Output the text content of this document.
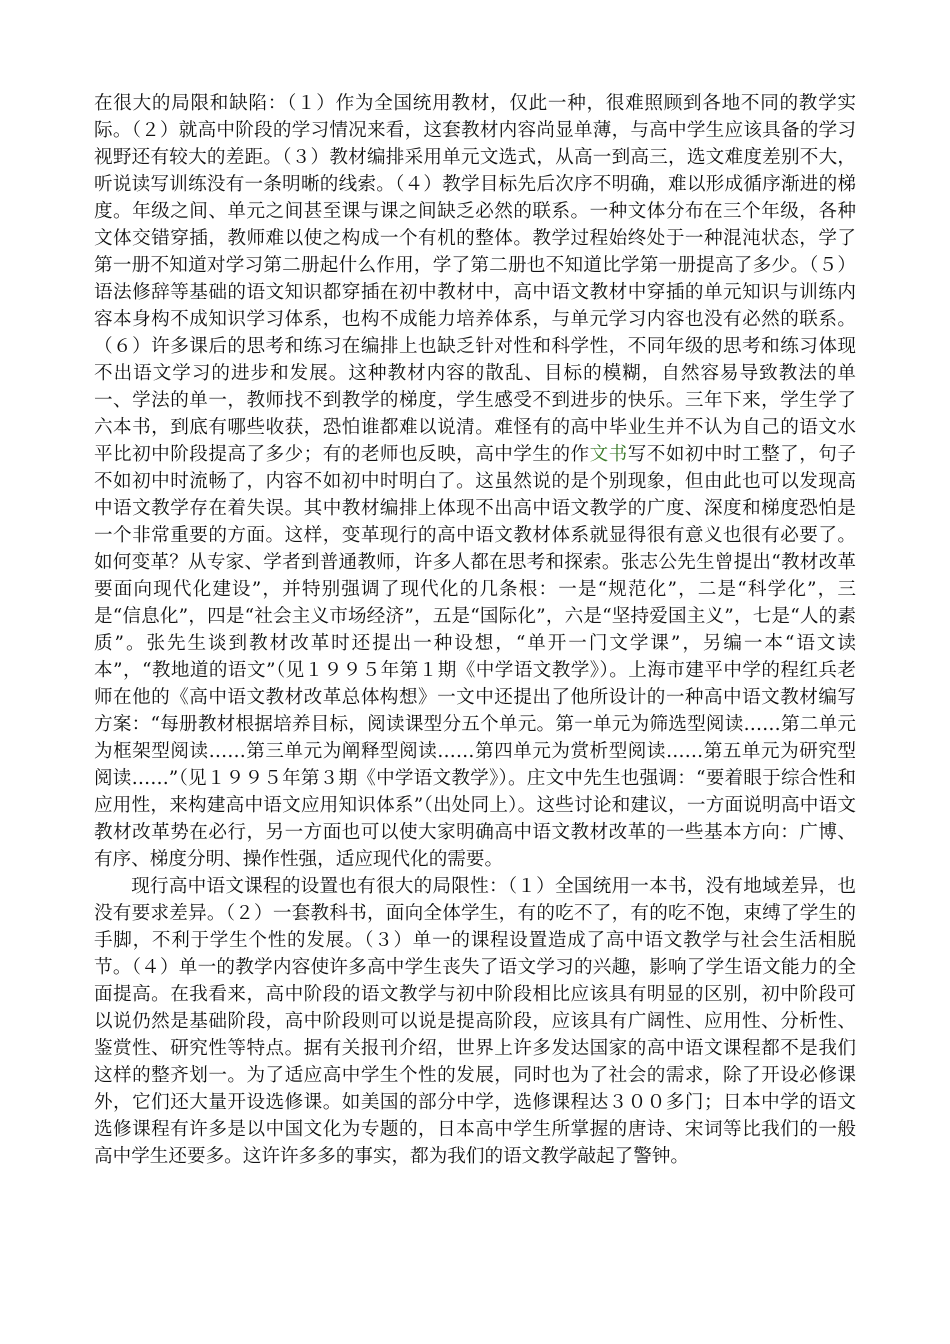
在很大的局限和缺陷：（１）作为全国统用教材，仅此一种，很难照顾到各地不同的教学实际。（２）就高中阶段的学习情况来看，这套教材内容尚显单薄，与高中学生应该具备的学习视野还有较大的差距。（３）教材编排采用单元文选式，从高一到高三，选文难度差别不大，听说读写训练没有一条明晰的线索。（４）教学目标先后次序不明确，难以形成循序渐进的梯度。年级之间、单元之间甚至课与课之间缺乏必然的联系。一种文体分布在三个年级，各种文体交错穿插，教师难以使之构成一个有机的整体。教学过程始终处于一种混沌状态，学了第一册不知道对学习第二册起什么作用，学了第二册也不知道比学第一册提高了多少。（５）语法修辞等基础的语文知识都穿插在初中教材中，高中语文教材中穿插的单元知识与训练内容本身构不成知识学习体系，也构不成能力培养体系，与单元学习内容也没有必然的联系。（６）许多课后的思考和练习在编排上也缺乏针对性和科学性，不同年级的思考和练习体现不出语文学习的进步和发展。这种教材内容的散乱、目标的模糊，自然容易导致教法的单一、学法的单一，教师找不到教学的梯度，学生感受不到进步的快乐。三年下来，学生学了六本书，到底有哪些收获，恐怕谁都难以说清。难怪有的高中毕业生并不认为自己的语文水平比初中阶段提高了多少；有的老师也反映，高中学生的作文书写不如初中时工整了，句子不如初中时流畅了，内容不如初中时明白了。这虽然说的是个别现象，但由此也可以发现高中语文教学存在着失误。其中教材编排上体现不出高中语文教学的广度、深度和梯度恐怕是一个非常重要的方面。这样，变革现行的高中语文教材体系就显得很有意义也很有必要了。如何变革？从专家、学者到普通教师，许多人都在思考和探索。张志公先生曾提出“教材改革要面向现代化建设”，并特别强调了现代化的几条根：一是“规范化”，二是“科学化”，三是“信息化”，四是“社会主义市场经济”，五是“国际化”，六是“坚持爱国主义”，七是“人的素质”。张先生谈到教材改革时还提出一种设想，“单开一门文学课”，另编一本“语文读本”，“教地道的语文”（见１９９５年第１期《中学语文教学》）。上海市建平中学的程红兵老师在他的《高中语文教材改革总体构想》一文中还提出了他所设计的一种高中语文教材编写方案：“每册教材根据培养目标，阅读课型分五个单元。第一单元为筛选型阅读……第二单元为框架型阅读……第三单元为阐释型阅读……第四单元为赏析型阅读……第五单元为研究型阅读……”（见１９９５年第３期《中学语文教学》）。庄文中先生也强调：“要着眼于综合性和应用性，来构建高中语文应用知识体系”（出处同上）。这些讨论和建议，一方面说明高中语文教材改革势在必行，另一方面也可以使大家明确高中语文教材改革的一些基本方向：广博、有序、梯度分明、操作性强，适应现代化的需要。

现行高中语文课程的设置也有很大的局限性：（１）全国统用一本书，没有地域差异，也没有要求差异。（２）一套教科书，面向全体学生，有的吃不了，有的吃不饱，束缚了学生的手脚，不利于学生个性的发展。（３）单一的课程设置造成了高中语文教学与社会生活相脱节。（４）单一的教学内容使许多高中学生丧失了语文学习的兴趣，影响了学生语文能力的全面提高。在我看来，高中阶段的语文教学与初中阶段相比应该具有明显的区别，初中阶段可以说仍然是基础阶段，高中阶段则可以说是提高阶段，应该具有广阔性、应用性、分析性、鉴赏性、研究性等特点。据有关报刊介绍，世界上许多发达国家的高中语文课程都不是我们这样的整齐划一。为了适应高中学生个性的发展，同时也为了社会的需求，除了开设必修课外，它们还大量开设选修课。如美国的部分中学，选修课程达３００多门；日本中学的语文选修课程有许多是以中国文化为专题的，日本高中学生所掌握的唐诗、宋词等比我们的一般高中学生还要多。这许许多多的事实，都为我们的语文教学敲起了警钟。
